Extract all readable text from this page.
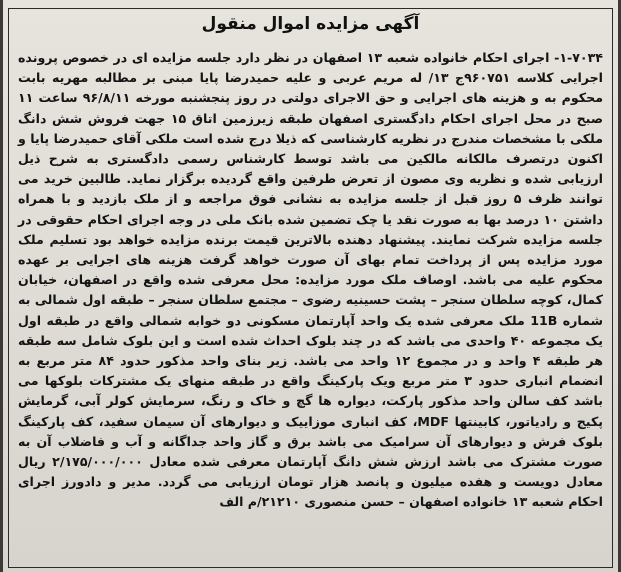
آگهی مزایده اموال منقول

۱-۷۰۳۴- اجرای احکام خانواده شعبه ۱۳ اصفهان در نظر دارد جلسه مزایده ای در خصوص پرونده اجرایی کلاسه ۹۶۰۷۵۱ج ۱۳/ له مریم عربی و علیه حمیدرضا پایا مبنی بر مطالبه مهریه بابت محکوم به و هزینه های اجرایی و حق الاجرای دولتی در روز پنجشنبه مورخه ۹۶/۸/۱۱ ساعت ۱۱ صبح در محل اجرای احکام دادگستری اصفهان طبقه زیرزمین اتاق ۱۵ جهت فروش شش دانگ ملکی با مشخصات مندرج در نظریه کارشناسی که ذیلا درج شده است ملکی آقای حمیدرضا پایا و اکنون درتصرف مالکانه مالکین می باشد توسط کارشناس رسمی دادگستری به شرح ذیل ارزیابی شده و نظریه وی مصون از تعرض طرفین واقع گردیده برگزار نماید. طالبین خرید می توانند ظرف ۵ روز قبل از جلسه مزایده به نشانی فوق مراجعه و از ملک بازدید و با همراه داشتن ۱۰ درصد بها به صورت نقد یا چک تضمین شده بانک ملی در وجه اجرای احکام حقوقی در جلسه مزایده شرکت نمایند. پیشنهاد دهنده بالاترین قیمت برنده مزایده خواهد بود تسلیم ملک مورد مزایده پس از پرداخت تمام بهای آن صورت خواهد گرفت هزینه های اجرایی بر عهده محکوم علیه می باشد. اوصاف ملک مورد مزایده: محل معرفی شده واقع در اصفهان، خیابان کمال، کوچه سلطان سنجر – پشت حسینیه رضوی – مجتمع سلطان سنجر – طبقه اول شمالی به شماره 11B ملک معرفی شده یک واحد آپارتمان مسکونی دو خوابه شمالی واقع در طبقه اول یک مجموعه ۴۰ واحدی می باشد که در چند بلوک احداث شده است و این بلوک شامل سه طبقه هر طبقه ۴ واحد و در مجموع ۱۲ واحد می باشد. زیر بنای واحد مذکور حدود ۸۴ متر مربع به انضمام انباری حدود ۳ متر مربع ویک پارکینگ واقع در طبقه منهای یک مشترکات بلوکها می باشد کف سالن واحد مذکور پارکت، دیواره ها گچ و خاک و رنگ، سرمایش کولر آبی، گرمایش پکیج و رادیاتور، کابینتها MDF، کف انباری موزاییک و دیوارهای آن سیمان سفید، کف پارکینگ بلوک فرش و دیوارهای آن سرامیک می باشد برق و گاز واحد جداگانه و آب و فاضلاب آن به صورت مشترک می باشد ارزش شش دانگ آپارتمان معرفی شده معادل ۲/۱۷۵/۰۰۰/۰۰۰ ریال معادل دویست و هفده میلیون و پانصد هزار تومان ارزیابی می گردد. مدیر و دادورز اجرای احکام شعبه ۱۳ خانواده اصفهان – حسن منصوری ۲۱۲۱۰/م الف
